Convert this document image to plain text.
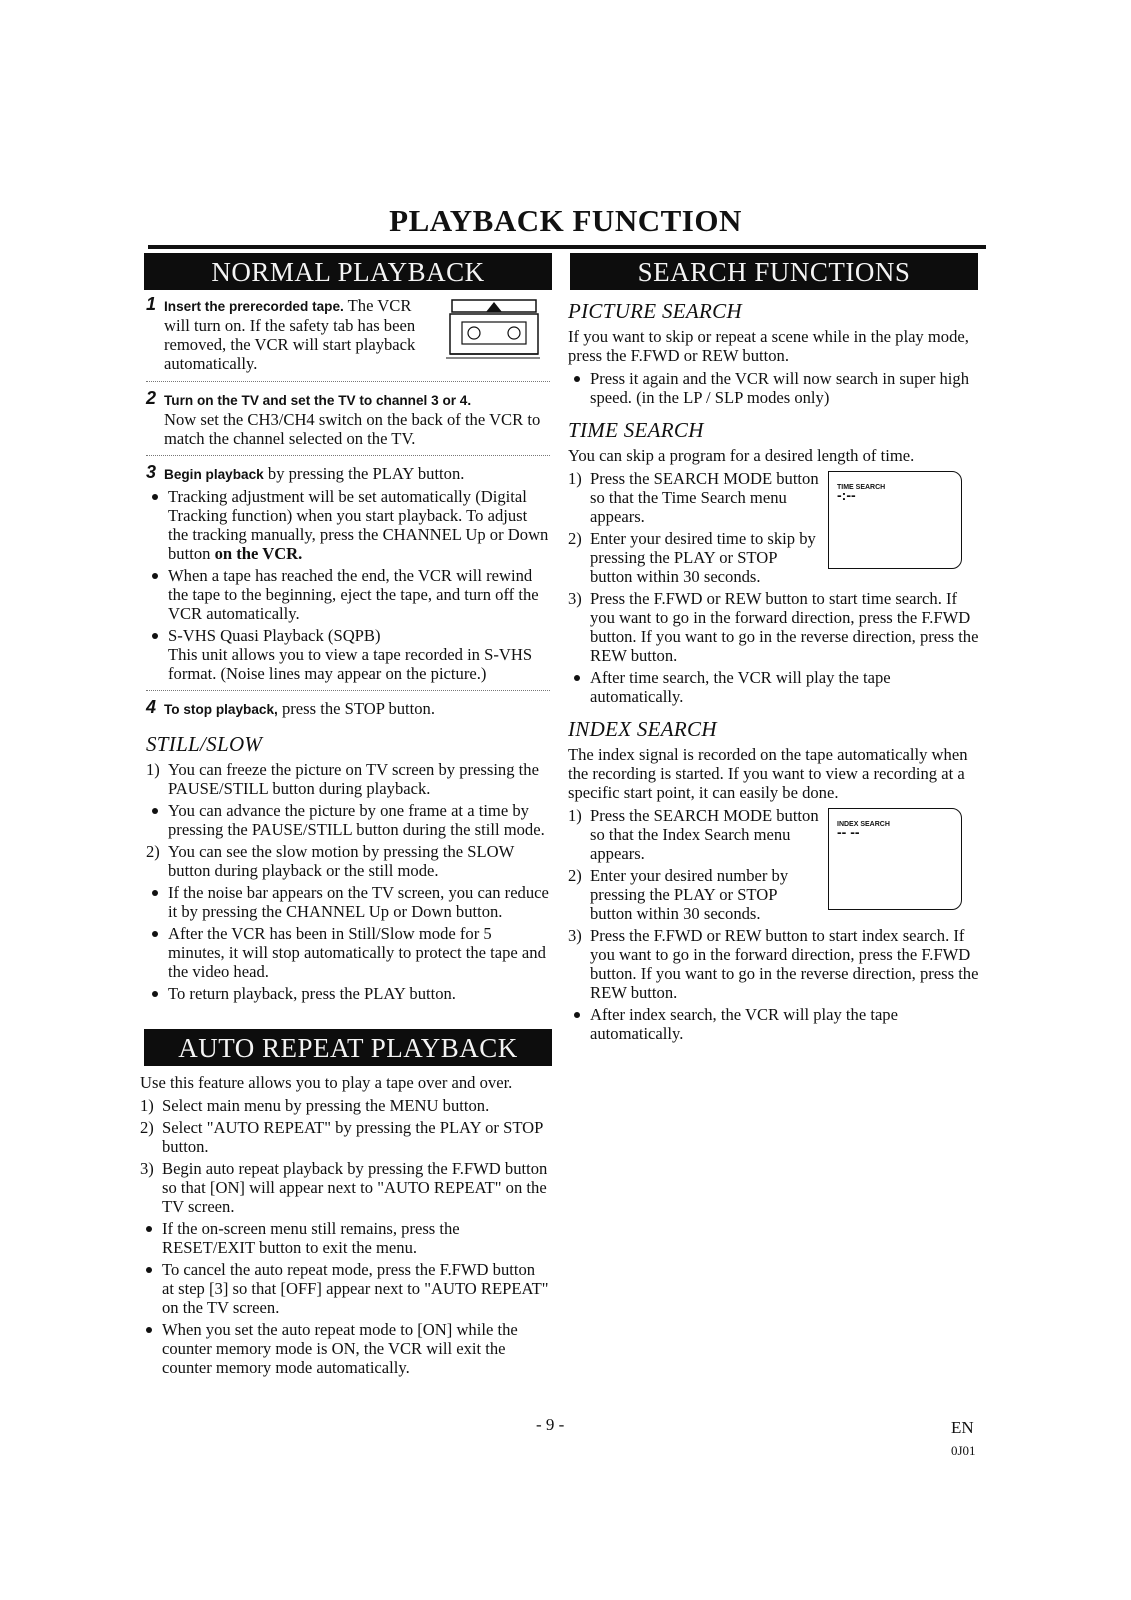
PLAYBACK FUNCTION
NORMAL PLAYBACK
1 Insert the prerecorded tape. The VCR will turn on. If the safety tab has been removed, the VCR will start playback automatically.
2 Turn on the TV and set the TV to channel 3 or 4.
Now set the CH3/CH4 switch on the back of the VCR to match the channel selected on the TV.
3 Begin playback by pressing the PLAY button.
Tracking adjustment will be set automatically (Digital Tracking function) when you start playback. To adjust the tracking manually, press the CHANNEL Up or Down button on the VCR.
When a tape has reached the end, the VCR will rewind the tape to the beginning, eject the tape, and turn off the VCR automatically.
S-VHS Quasi Playback (SQPB)
This unit allows you to view a tape recorded in S-VHS format. (Noise lines may appear on the picture.)
4 To stop playback, press the STOP button.
STILL/SLOW
1) You can freeze the picture on TV screen by pressing the PAUSE/STILL button during playback.
You can advance the picture by one frame at a time by pressing the PAUSE/STILL button during the still mode.
2) You can see the slow motion by pressing the SLOW button during playback or the still mode.
If the noise bar appears on the TV screen, you can reduce it by pressing the CHANNEL Up or Down button.
After the VCR has been in Still/Slow mode for 5 minutes, it will stop automatically to protect the tape and the video head.
To return playback, press the PLAY button.
AUTO REPEAT PLAYBACK
Use this feature allows you to play a tape over and over.
1) Select main menu by pressing the MENU button.
2) Select "AUTO REPEAT" by pressing the PLAY or STOP button.
3) Begin auto repeat playback by pressing the F.FWD button so that [ON] will appear next to "AUTO REPEAT" on the TV screen.
If the on-screen menu still remains, press the RESET/EXIT button to exit the menu.
To cancel the auto repeat mode, press the F.FWD button at step [3] so that [OFF] appear next to "AUTO REPEAT" on the TV screen.
When you set the auto repeat mode to [ON] while the counter memory mode is ON, the VCR will exit the counter memory mode automatically.
SEARCH FUNCTIONS
PICTURE SEARCH
If you want to skip or repeat a scene while in the play mode, press the F.FWD or REW button.
Press it again and the VCR will now search in super high speed. (in the LP / SLP modes only)
TIME SEARCH
You can skip a program for a desired length of time.
1) Press the SEARCH MODE button so that the Time Search menu appears.
2) Enter your desired time to skip by pressing the PLAY or STOP button within 30 seconds.
TIME SEARCH
-:--
3) Press the F.FWD or REW button to start time search. If you want to go in the forward direction, press the F.FWD button. If you want to go in the reverse direction, press the REW button.
After time search, the VCR will play the tape automatically.
INDEX SEARCH
The index signal is recorded on the tape automatically when the recording is started. If you want to view a recording at a specific start point, it can easily be done.
1) Press the SEARCH MODE button so that the Index Search menu appears.
2) Enter your desired number by pressing the PLAY or STOP button within 30 seconds.
INDEX SEARCH
-- --
3) Press the F.FWD or REW button to start index search. If you want to go in the forward direction, press the F.FWD button. If you want to go in the reverse direction, press the REW button.
After index search, the VCR will play the tape automatically.
- 9 -	EN
0J01
